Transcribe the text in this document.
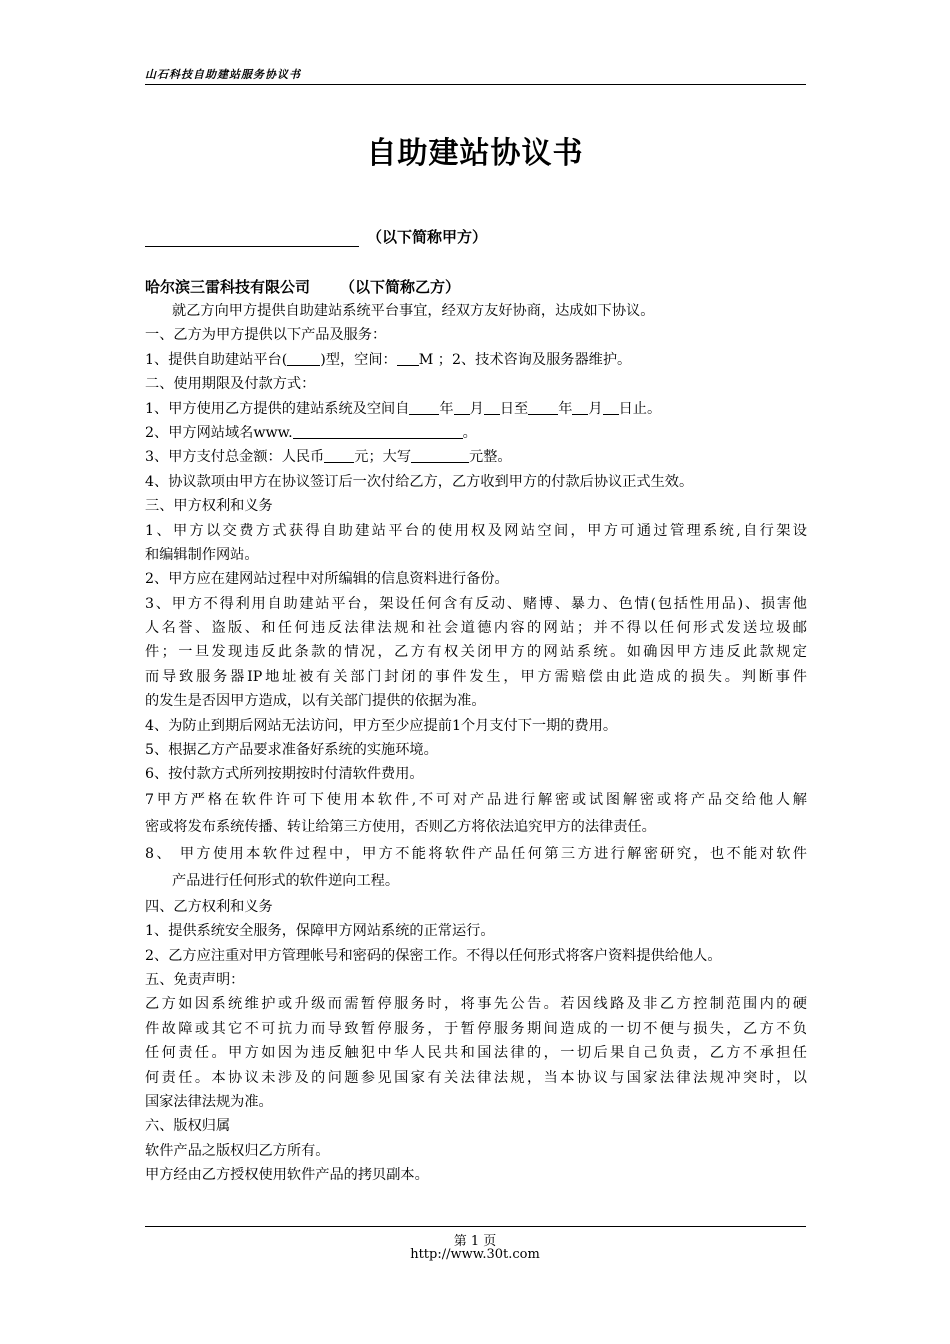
山石科技自助建站服务协议书
自助建站协议书
（以下简称甲方）
哈尔滨三雷科技有限公司 （以下简称乙方）
就乙方向甲方提供自助建站系统平台事宜，经双方友好协商，达成如下协议。
一、乙方为甲方提供以下产品及服务：
1、提供自助建站平台( )型，空间： M ；2、技术咨询及服务器维护。
二、使用期限及付款方式：
1、甲方使用乙方提供的建站系统及空间自 年 月 日至 年 月 日止。
2、甲方网站域名www.	。
3、甲方支付总金额：人民币 元；大写	元整。
4、协议款项由甲方在协议签订后一次付给乙方，乙方收到甲方的付款后协议正式生效。
三、甲方权利和义务
1、甲方以交费方式获得自助建站平台的使用权及网站空间，甲方可通过管理系统,自行架设
和编辑制作网站。
2、甲方应在建网站过程中对所编辑的信息资料进行备份。
3、甲方不得利用自助建站平台，架设任何含有反动、赌博、暴力、色情(包括性用品)、损害他
人名誉、盗版、和任何违反法律法规和社会道德内容的网站；并不得以任何形式发送垃圾邮
件；一旦发现违反此条款的情况，乙方有权关闭甲方的网站系统。如确因甲方违反此款规定
而导致服务器IP地址被有关部门封闭的事件发生，甲方需赔偿由此造成的损失。判断事件
的发生是否因甲方造成，以有关部门提供的依据为准。
4、为防止到期后网站无法访问，甲方至少应提前1个月支付下一期的费用。
5、根据乙方产品要求准备好系统的实施环境。
6、按付款方式所列按期按时付清软件费用。
7甲方严格在软件许可下使用本软件,不可对产品进行解密或试图解密或将产品交给他人解
密或将发布系统传播、转让给第三方使用，否则乙方将依法追究甲方的法律责任。
8、 甲方使用本软件过程中，甲方不能将软件产品任何第三方进行解密研究，也不能对软件
产品进行任何形式的软件逆向工程。
四、乙方权利和义务
1、提供系统安全服务，保障甲方网站系统的正常运行。
2、乙方应注重对甲方管理帐号和密码的保密工作。不得以任何形式将客户资料提供给他人。
五、免责声明：
乙方如因系统维护或升级而需暂停服务时，将事先公告。若因线路及非乙方控制范围内的硬
件故障或其它不可抗力而导致暂停服务，于暂停服务期间造成的一切不便与损失，乙方不负
任何责任。甲方如因为违反触犯中华人民共和国法律的，一切后果自己负责，乙方不承担任
何责任。本协议未涉及的问题参见国家有关法律法规，当本协议与国家法律法规冲突时，以
国家法律法规为准。
六、版权归属
软件产品之版权归乙方所有。
甲方经由乙方授权使用软件产品的拷贝副本。
第 1 页
http://www.30t.com
